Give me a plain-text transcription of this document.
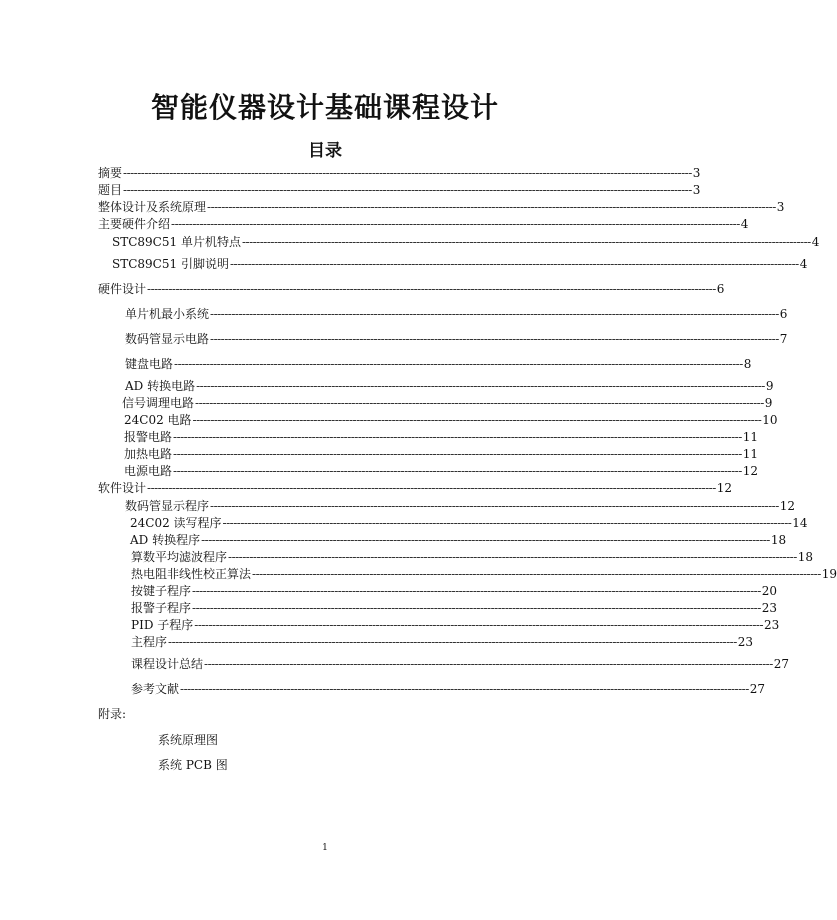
智能仪器设计基础课程设计
目录
摘要 ---------------------------------------------------------------------------------------------------------------------------------------------------------------- 3
题目 ---------------------------------------------------------------------------------------------------------------------------------------------------------------- 3
整体设计及系统原理 ---------------------------------------------------------------------------------------------------------------------------------------------------------------- 3
主要硬件介绍 ---------------------------------------------------------------------------------------------------------------------------------------------------------------- 4
STC89C51 单片机特点 ---------------------------------------------------------------------------------------------------------------------------------------------------------------- 4
STC89C51 引脚说明 ---------------------------------------------------------------------------------------------------------------------------------------------------------------- 4
硬件设计 ---------------------------------------------------------------------------------------------------------------------------------------------------------------- 6
单片机最小系统 ---------------------------------------------------------------------------------------------------------------------------------------------------------------- 6
数码管显示电路 ---------------------------------------------------------------------------------------------------------------------------------------------------------------- 7
键盘电路 ---------------------------------------------------------------------------------------------------------------------------------------------------------------- 8
AD 转换电路 ---------------------------------------------------------------------------------------------------------------------------------------------------------------- 9
信号调理电路 ---------------------------------------------------------------------------------------------------------------------------------------------------------------- 9
24C02 电路 ---------------------------------------------------------------------------------------------------------------------------------------------------------------- 10
报警电路 ---------------------------------------------------------------------------------------------------------------------------------------------------------------- 11
加热电路 ---------------------------------------------------------------------------------------------------------------------------------------------------------------- 11
电源电路 ---------------------------------------------------------------------------------------------------------------------------------------------------------------- 12
软件设计 ---------------------------------------------------------------------------------------------------------------------------------------------------------------- 12
数码管显示程序 ---------------------------------------------------------------------------------------------------------------------------------------------------------------- 12
24C02 读写程序 ---------------------------------------------------------------------------------------------------------------------------------------------------------------- 14
AD 转换程序 ---------------------------------------------------------------------------------------------------------------------------------------------------------------- 18
算数平均滤波程序 ---------------------------------------------------------------------------------------------------------------------------------------------------------------- 18
热电阻非线性校正算法 ---------------------------------------------------------------------------------------------------------------------------------------------------------------- 19
按键子程序 ---------------------------------------------------------------------------------------------------------------------------------------------------------------- 20
报警子程序 ---------------------------------------------------------------------------------------------------------------------------------------------------------------- 23
PID 子程序 ---------------------------------------------------------------------------------------------------------------------------------------------------------------- 23
主程序 ---------------------------------------------------------------------------------------------------------------------------------------------------------------- 23
课程设计总结 ---------------------------------------------------------------------------------------------------------------------------------------------------------------- 27
参考文献 ---------------------------------------------------------------------------------------------------------------------------------------------------------------- 27
附录:
系统原理图
系统 PCB 图
1
